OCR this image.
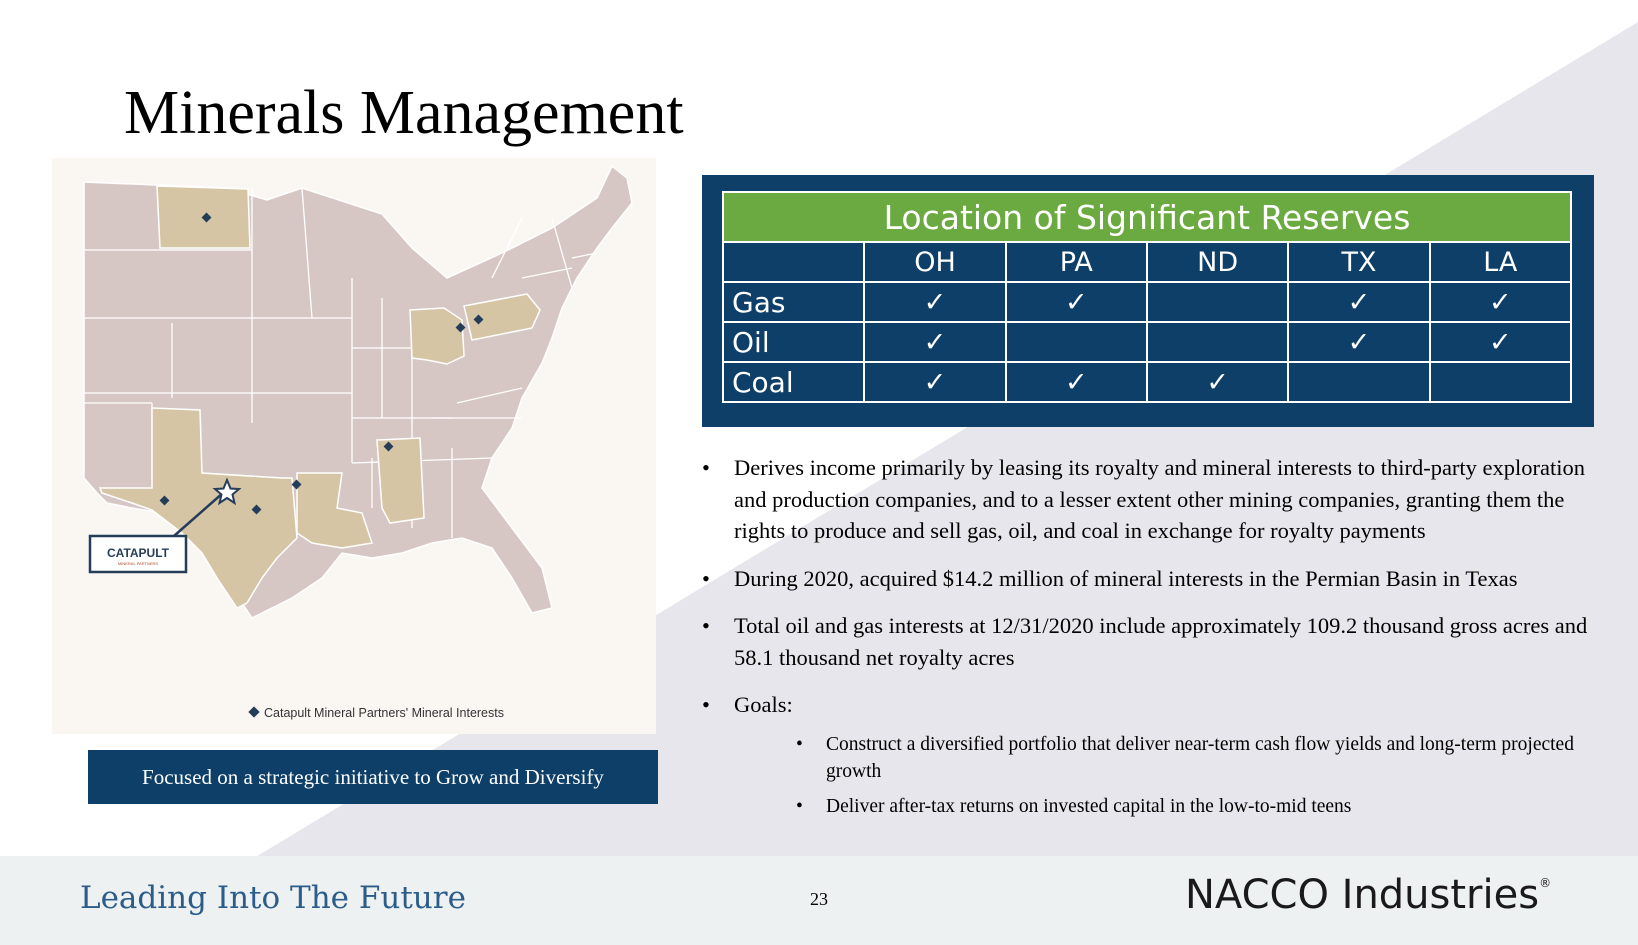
Minerals Management
CATAPULT
MINERAL PARTNERS
Catapult Mineral Partners' Mineral Interests
Focused on a strategic initiative to Grow and Diversify
Location of Significant Reserves					
	OH	PA	ND	TX	LA
Gas	✓	✓		✓	✓
Oil	✓			✓	✓
Coal	✓	✓	✓		
• Derives income primarily by leasing its royalty and mineral interests to third-party exploration and production companies, and to a lesser extent other mining companies, granting them the rights to produce and sell gas, oil, and coal in exchange for royalty payments
• During 2020, acquired $14.2 million of mineral interests in the Permian Basin in Texas
• Total oil and gas interests at 12/31/2020 include approximately 109.2 thousand gross acres and 58.1 thousand net royalty acres
• Goals:
• Construct a diversified portfolio that deliver near-term cash flow yields and long-term projected growth
• Deliver after-tax returns on invested capital in the low-to-mid teens
Leading Into The Future	23	NACCO Industries®
